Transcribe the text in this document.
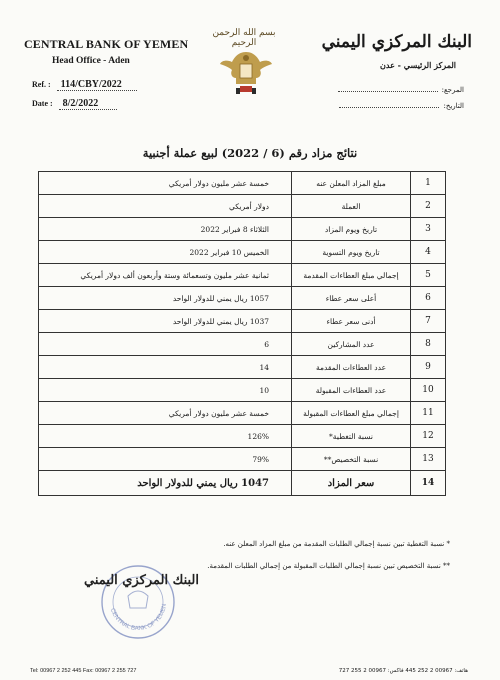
CENTRAL BANK OF YEMEN
Head Office - Aden
Ref. : 114/CBY/2022
Date : 8/2/2022
بسم الله الرحمن الرحيم	البنك المركزي اليمني
المركز الرئيسي - عدن
المرجع:
التاريخ:
نتائج مزاد رقم (6 / 2022) لبيع عملة أجنبية
1	مبلغ المزاد المعلن عنه	خمسة عشر مليون دولار أمريكي
2	العملة	دولار أمريكي
3	تاريخ ويوم المزاد	الثلاثاء 8 فبراير 2022
4	تاريخ ويوم التسوية	الخميس 10 فبراير 2022
5	إجمالي مبلغ العطاءات المقدمة	ثمانية عشر مليون وتسعمائة وستة وأربعون ألف دولار أمريكي
6	أعلى سعر عطاء	1057 ريال يمني للدولار الواحد
7	أدنى سعر عطاء	1037 ريال يمني للدولار الواحد
8	عدد المشاركين	6
9	عدد العطاءات المقدمة	14
10	عدد العطاءات المقبولة	10
11	إجمالي مبلغ العطاءات المقبولة	خمسة عشر مليون دولار أمريكي
12	نسبة التغطية*	126%
13	نسبة التخصيص**	79%
14	سعر المزاد	1047 ريال يمني للدولار الواحد
* نسبة التغطية تبين نسبة إجمالي الطلبات المقدمة من مبلغ المزاد المعلن عنه.
** نسبة التخصيص تبين نسبة إجمالي الطلبات المقبولة من إجمالي الطلبات المقدمة.
CENTRAL BANK OF YEMEN
البنك المركزي اليمني
Tel: 00967 2 252 445 Fax: 00967 2 255 727	هاتف: 00967 2 252 445 فاكس: 00967 2 255 727
